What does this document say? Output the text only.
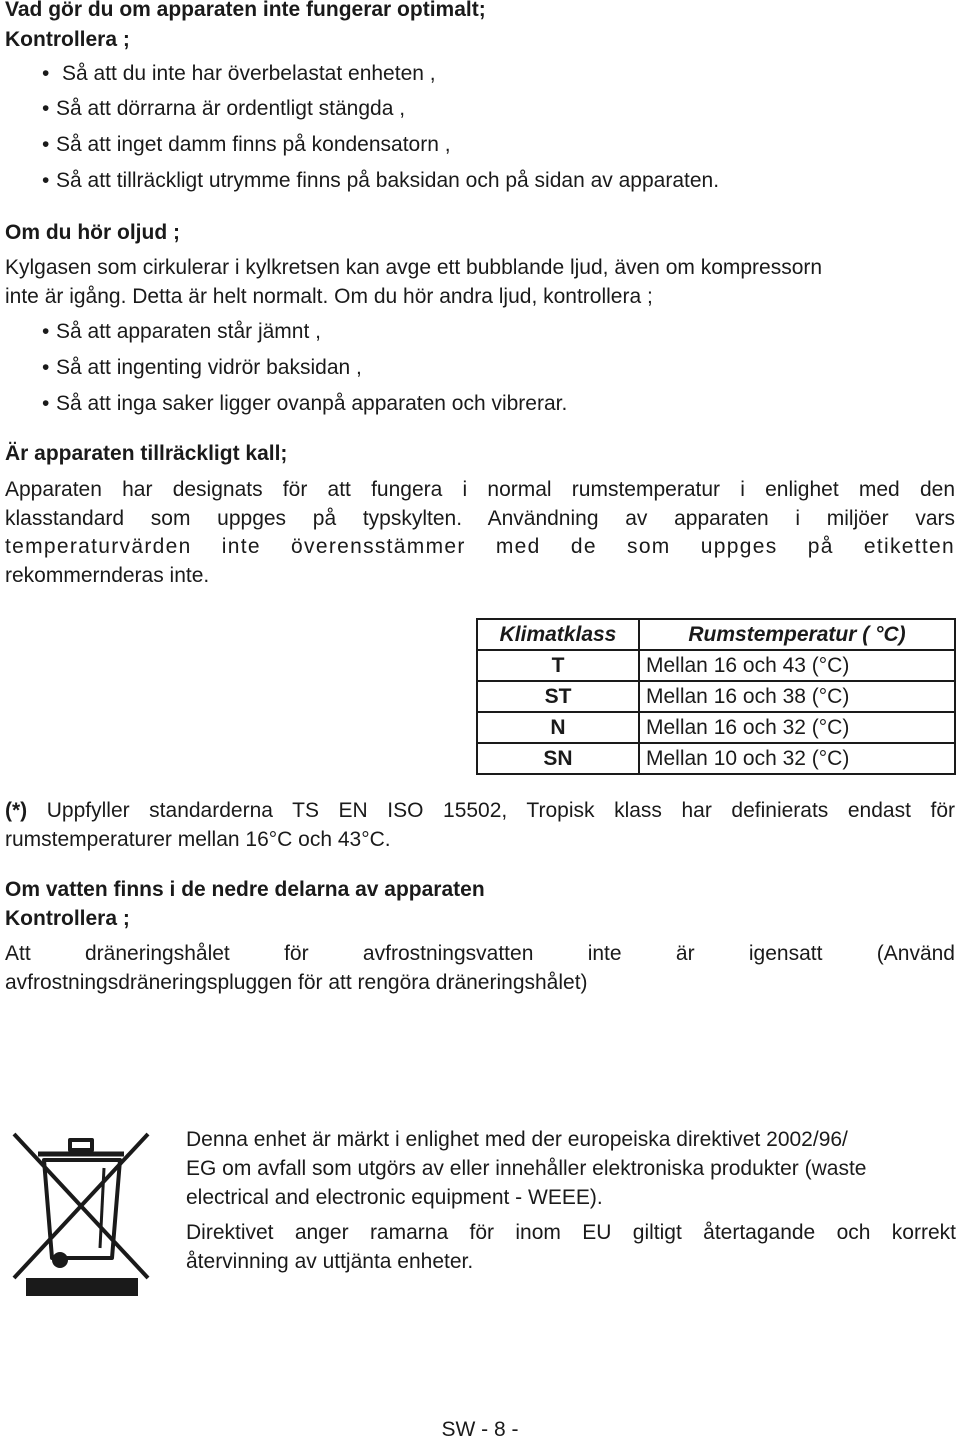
Vad gör du om apparaten inte fungerar optimalt;
Kontrollera ;
• Så att du inte har överbelastat enheten ,
• Så att dörrarna är ordentligt stängda ,
• Så att inget damm finns på kondensatorn ,
• Så att tillräckligt utrymme finns på baksidan och på sidan av apparaten.
Om du hör oljud ;
Kylgasen som cirkulerar i kylkretsen kan avge ett bubblande ljud, även om kompressorn
inte är igång. Detta är helt normalt. Om du hör andra ljud, kontrollera ;
• Så att apparaten står jämnt ,
• Så att ingenting vidrör baksidan ,
• Så att inga saker ligger ovanpå apparaten och vibrerar.
Är apparaten tillräckligt kall;
Apparaten har designats för att fungera i normal rumstemperatur i enlighet med den
klasstandard som uppges på typskylten. Användning av apparaten i miljöer vars
temperaturvärden inte överensstämmer med de som uppges på etiketten
rekommernderas inte.
Klimatklass	Rumstemperatur ( °C)
T	Mellan 16 och 43 (°C)
ST	Mellan 16 och 38 (°C)
N	Mellan 16 och 32 (°C)
SN	Mellan 10 och 32 (°C)
(*) Uppfyller standarderna TS EN ISO 15502, Tropisk klass har definierats endast för
rumstemperaturer mellan 16°C och 43°C.
Om vatten finns i de nedre delarna av apparaten
Kontrollera ;
Att dräneringshålet för avfrostningsvatten inte är igensatt (Använd
avfrostningsdräneringspluggen för att rengöra dräneringshålet)
Denna enhet är märkt i enlighet med der europeiska direktivet 2002/96/
EG om avfall som utgörs av eller innehåller elektroniska produkter (waste
electrical and electronic equipment - WEEE).
Direktivet anger ramarna för inom EU giltigt återtagande och korrekt
återvinning av uttjänta enheter.
SW - 8 -
